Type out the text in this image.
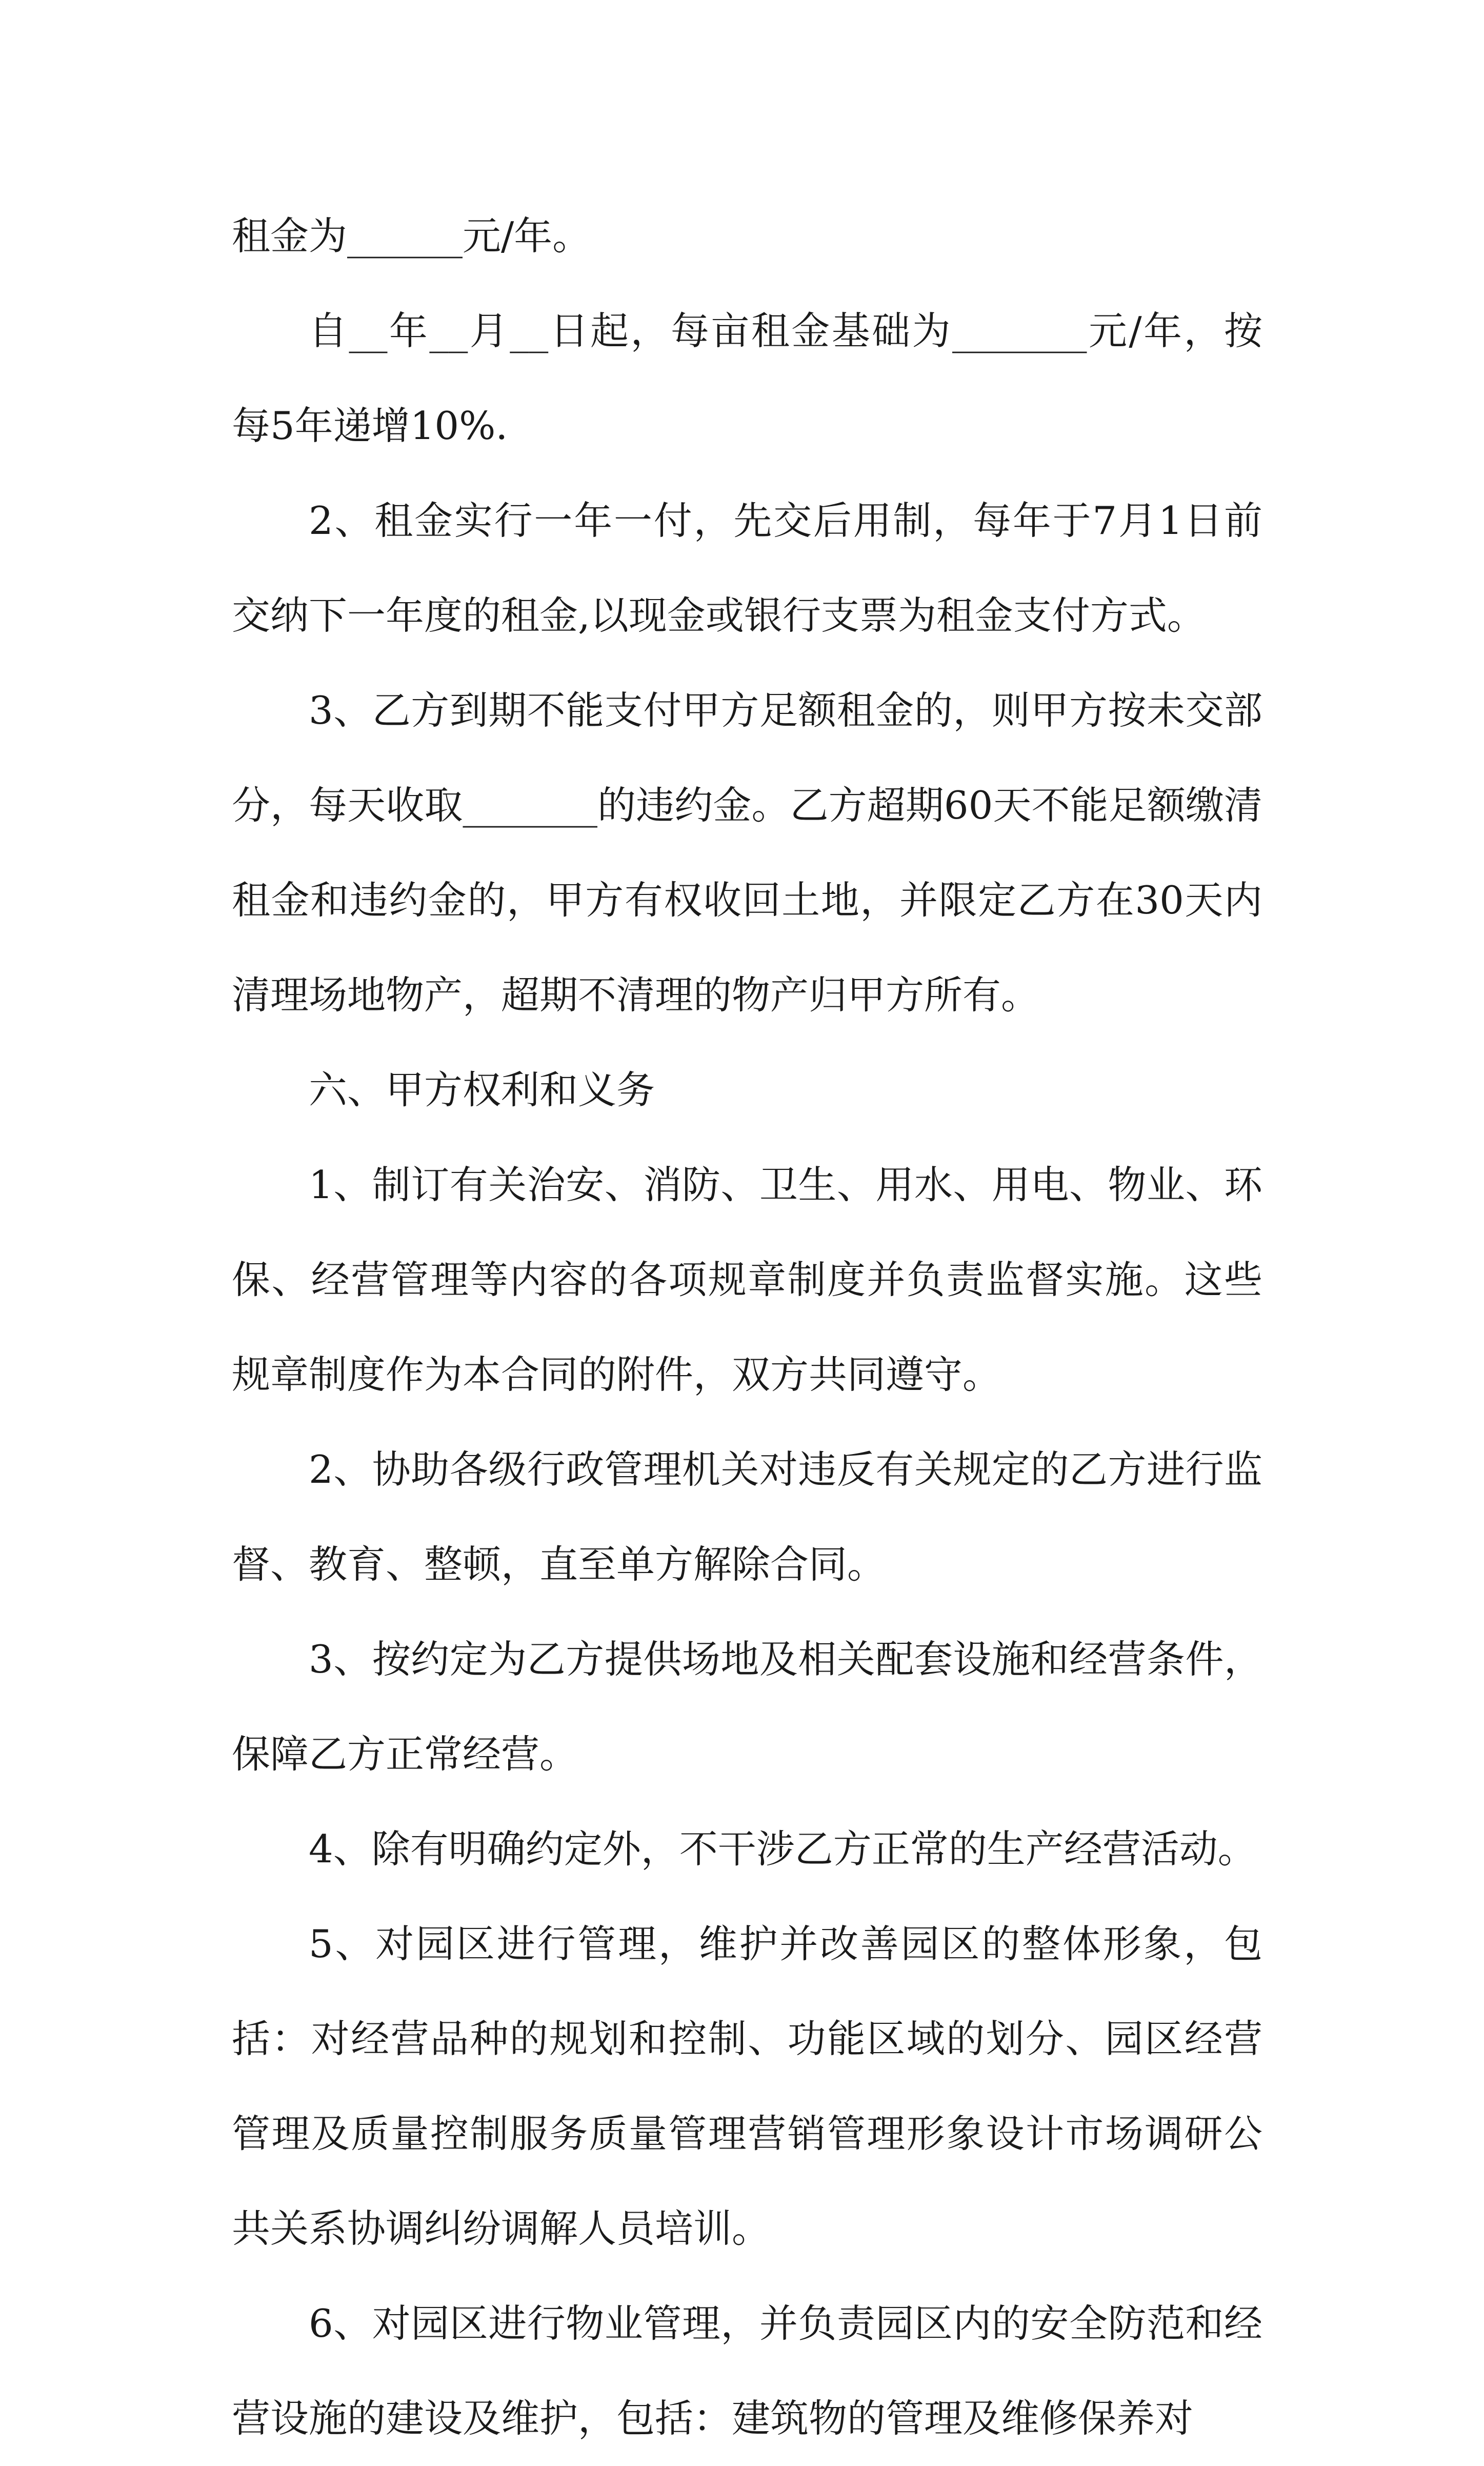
租金为______元/年。

自__年__月__日起，每亩租金基础为_______元/年，按每5年递增10%.

2、租金实行一年一付，先交后用制，每年于7月1日前交纳下一年度的租金,以现金或银行支票为租金支付方式。

3、乙方到期不能支付甲方足额租金的，则甲方按未交部分，每天收取_______的违约金。乙方超期60天不能足额缴清租金和违约金的，甲方有权收回土地，并限定乙方在30天内清理场地物产，超期不清理的物产归甲方所有。

六、甲方权利和义务

1、制订有关治安、消防、卫生、用水、用电、物业、环保、经营管理等内容的各项规章制度并负责监督实施。这些规章制度作为本合同的附件，双方共同遵守。

2、协助各级行政管理机关对违反有关规定的乙方进行监督、教育、整顿，直至单方解除合同。

3、按约定为乙方提供场地及相关配套设施和经营条件，保障乙方正常经营。

4、除有明确约定外，不干涉乙方正常的生产经营活动。

5、对园区进行管理，维护并改善园区的整体形象，包括：对经营品种的规划和控制、功能区域的划分、园区经营管理及质量控制服务质量管理营销管理形象设计市场调研公共关系协调纠纷调解人员培训。

6、对园区进行物业管理，并负责园区内的安全防范和经营设施的建设及维护，包括：建筑物的管理及维修保养对
